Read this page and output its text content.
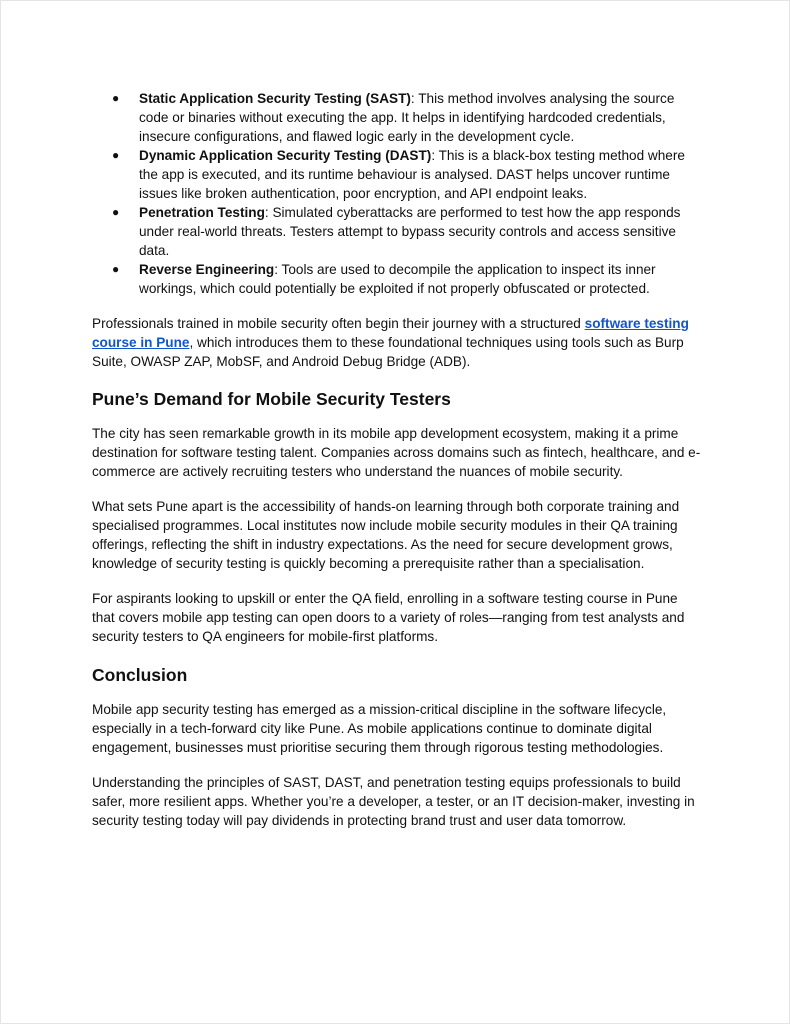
● Static Application Security Testing (SAST): This method involves analysing the source code or binaries without executing the app. It helps in identifying hardcoded credentials, insecure configurations, and flawed logic early in the development cycle.
● Dynamic Application Security Testing (DAST): This is a black-box testing method where the app is executed, and its runtime behaviour is analysed. DAST helps uncover runtime issues like broken authentication, poor encryption, and API endpoint leaks.
● Penetration Testing: Simulated cyberattacks are performed to test how the app responds under real-world threats. Testers attempt to bypass security controls and access sensitive data.
● Reverse Engineering: Tools are used to decompile the application to inspect its inner workings, which could potentially be exploited if not properly obfuscated or protected.

Professionals trained in mobile security often begin their journey with a structured software testing course in Pune, which introduces them to these foundational techniques using tools such as Burp Suite, OWASP ZAP, MobSF, and Android Debug Bridge (ADB).

Pune’s Demand for Mobile Security Testers

The city has seen remarkable growth in its mobile app development ecosystem, making it a prime destination for software testing talent. Companies across domains such as fintech, healthcare, and e-commerce are actively recruiting testers who understand the nuances of mobile security.

What sets Pune apart is the accessibility of hands-on learning through both corporate training and specialised programmes. Local institutes now include mobile security modules in their QA training offerings, reflecting the shift in industry expectations. As the need for secure development grows, knowledge of security testing is quickly becoming a prerequisite rather than a specialisation.

For aspirants looking to upskill or enter the QA field, enrolling in a software testing course in Pune that covers mobile app testing can open doors to a variety of roles—ranging from test analysts and security testers to QA engineers for mobile-first platforms.

Conclusion

Mobile app security testing has emerged as a mission-critical discipline in the software lifecycle, especially in a tech-forward city like Pune. As mobile applications continue to dominate digital engagement, businesses must prioritise securing them through rigorous testing methodologies.

Understanding the principles of SAST, DAST, and penetration testing equips professionals to build safer, more resilient apps. Whether you’re a developer, a tester, or an IT decision-maker, investing in security testing today will pay dividends in protecting brand trust and user data tomorrow.
